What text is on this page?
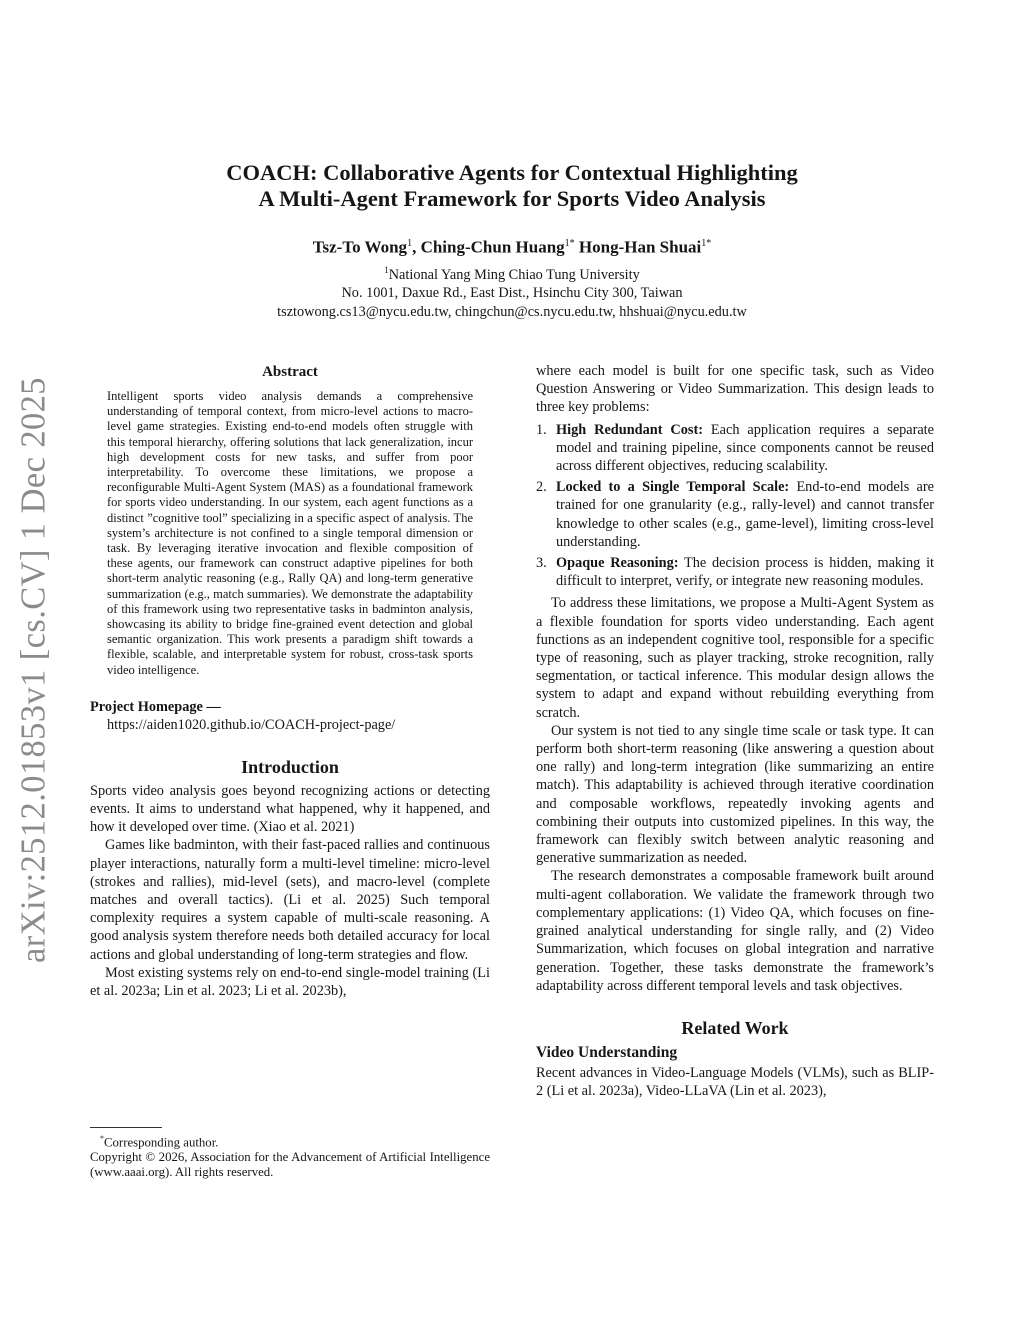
arXiv:2512.01853v1 [cs.CV] 1 Dec 2025
COACH: Collaborative Agents for Contextual Highlighting
A Multi-Agent Framework for Sports Video Analysis
Tsz-To Wong$^1$, Ching-Chun Huang$^{1*}$ Hong-Han Shuai$^{1*}$
$^1$National Yang Ming Chiao Tung University
No. 1001, Daxue Rd., East Dist., Hsinchu City 300, Taiwan
tsztowong.cs13@nycu.edu.tw, chingchun@cs.nycu.edu.tw, hhshuai@nycu.edu.tw
Abstract
Intelligent sports video analysis demands a comprehensive understanding of temporal context, from micro-level actions to macro-level game strategies. Existing end-to-end models often struggle with this temporal hierarchy, offering solutions that lack generalization, incur high development costs for new tasks, and suffer from poor interpretability. To overcome these limitations, we propose a reconfigurable Multi-Agent System (MAS) as a foundational framework for sports video understanding. In our system, each agent functions as a distinct ”cognitive tool” specializing in a specific aspect of analysis. The system’s architecture is not confined to a single temporal dimension or task. By leveraging iterative invocation and flexible composition of these agents, our framework can construct adaptive pipelines for both short-term analytic reasoning (e.g., Rally QA) and long-term generative summarization (e.g., match summaries). We demonstrate the adaptability of this framework using two representative tasks in badminton analysis, showcasing its ability to bridge fine-grained event detection and global semantic organization. This work presents a paradigm shift towards a flexible, scalable, and interpretable system for robust, cross-task sports video intelligence.
Project Homepage —
https://aiden1020.github.io/COACH-project-page/
Introduction

Sports video analysis goes beyond recognizing actions or detecting events. It aims to understand what happened, why it happened, and how it developed over time. (Xiao et al. 2021)

Games like badminton, with their fast-paced rallies and continuous player interactions, naturally form a multi-level timeline: micro-level (strokes and rallies), mid-level (sets), and macro-level (complete matches and overall tactics). (Li et al. 2025) Such temporal complexity requires a system capable of multi-scale reasoning. A good analysis system therefore needs both detailed accuracy for local actions and global understanding of long-term strategies and flow.

Most existing systems rely on end-to-end single-model training (Li et al. 2023a; Lin et al. 2023; Li et al. 2023b),

*Corresponding author.
Copyright © 2026, Association for the Advancement of Artificial Intelligence (www.aaai.org). All rights reserved.

where each model is built for one specific task, such as Video Question Answering or Video Summarization. This design leads to three key problems:

1. High Redundant Cost: Each application requires a separate model and training pipeline, since components cannot be reused across different objectives, reducing scalability.
2. Locked to a Single Temporal Scale: End-to-end models are trained for one granularity (e.g., rally-level) and cannot transfer knowledge to other scales (e.g., game-level), limiting cross-level understanding.
3. Opaque Reasoning: The decision process is hidden, making it difficult to interpret, verify, or integrate new reasoning modules.

To address these limitations, we propose a Multi-Agent System as a flexible foundation for sports video understanding. Each agent functions as an independent cognitive tool, responsible for a specific type of reasoning, such as player tracking, stroke recognition, rally segmentation, or tactical inference. This modular design allows the system to adapt and expand without rebuilding everything from scratch.

Our system is not tied to any single time scale or task type. It can perform both short-term reasoning (like answering a question about one rally) and long-term integration (like summarizing an entire match). This adaptability is achieved through iterative coordination and composable workflows, repeatedly invoking agents and combining their outputs into customized pipelines. In this way, the framework can flexibly switch between analytic reasoning and generative summarization as needed.

The research demonstrates a composable framework built around multi-agent collaboration. We validate the framework through two complementary applications: (1) Video QA, which focuses on fine-grained analytical understanding for single rally, and (2) Video Summarization, which focuses on global integration and narrative generation. Together, these tasks demonstrate the framework’s adaptability across different temporal levels and task objectives.

Related Work
Video Understanding

Recent advances in Video-Language Models (VLMs), such as BLIP-2 (Li et al. 2023a), Video-LLaVA (Lin et al. 2023),
